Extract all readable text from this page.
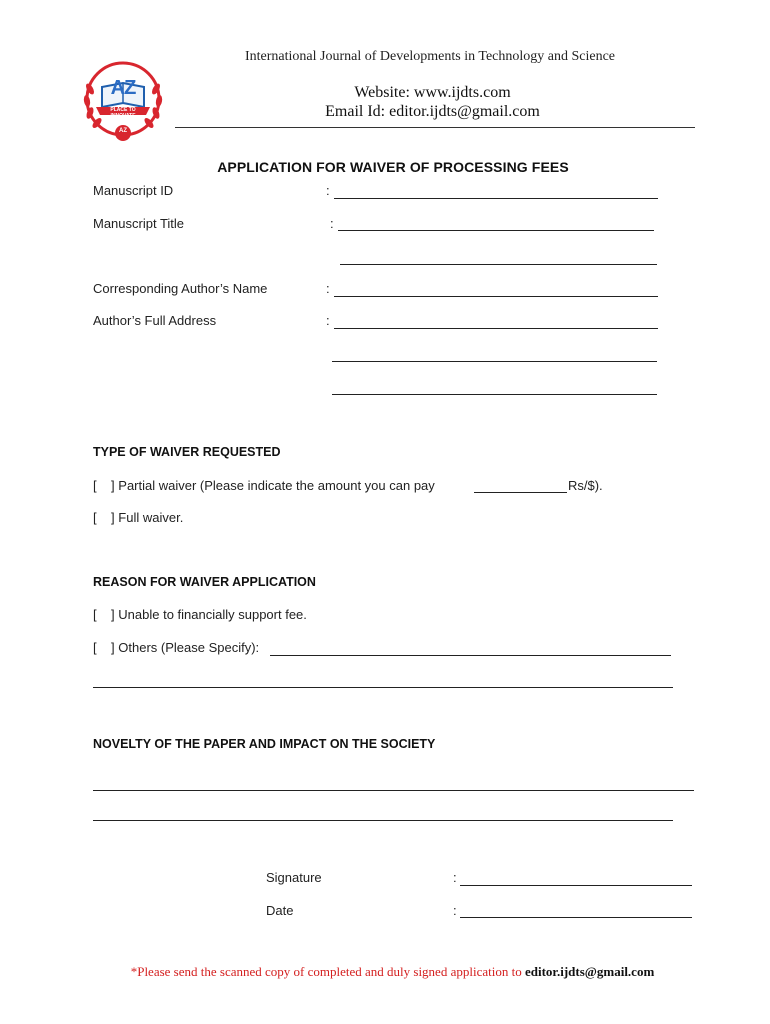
International Journal of Developments in Technology and Science
AZ
PLACE TO INNOVATE
AZ
Website: www.ijdts.com
Email Id: editor.ijdts@gmail.com
APPLICATION FOR WAIVER OF PROCESSING FEES
Manuscript ID	:
Manuscript Title	:
Corresponding Author’s Name	:
Author’s Full Address	:
TYPE OF WAIVER REQUESTED
[    ] Partial waiver (Please indicate the amount you can pay	Rs/$).
[    ] Full waiver.
REASON FOR WAIVER APPLICATION
[    ] Unable to financially support fee.
[    ] Others (Please Specify):
NOVELTY OF THE PAPER AND IMPACT ON THE SOCIETY
Signature	:
Date	:
*Please send the scanned copy of completed and duly signed application to editor.ijdts@gmail.com
